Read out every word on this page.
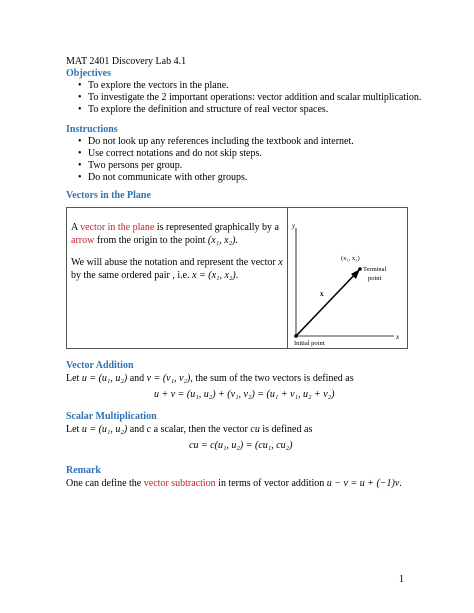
MAT 2401 Discovery Lab 4.1
Objectives
• To explore the vectors in the plane.
• To investigate the 2 important operations: vector addition and scalar multiplication.
• To explore the definition and structure of real vector spaces.
Instructions
• Do not look up any references including the textbook and internet.
• Use correct notations and do not skip steps.
• Two persons per group.
• Do not communicate with other groups.
Vectors in the Plane
A vector in the plane is represented graphically by a
arrow from the origin to the point (x₁, x₂).
We will abuse the notation and represent the vector x
by the same ordered pair , i.e. x = (x₁, x₂).
y
x
x
(x₁, x₂)
Terminal
point
Initial point
Vector Addition
Let u = (u₁, u₂) and v = (v₁, v₂), the sum of the two vectors is defined as
u + v = (u₁, u₂) + (v₁, v₂) = (u₁ + v₁, u₂ + v₂)
Scalar Multiplication
Let u = (u₁, u₂) and c a scalar, then the vector cu is defined as
cu = c(u₁, u₂) = (cu₁, cu₂)
Remark
One can define the vector subtraction in terms of vector addition u − v = u + (−1)v.
1
